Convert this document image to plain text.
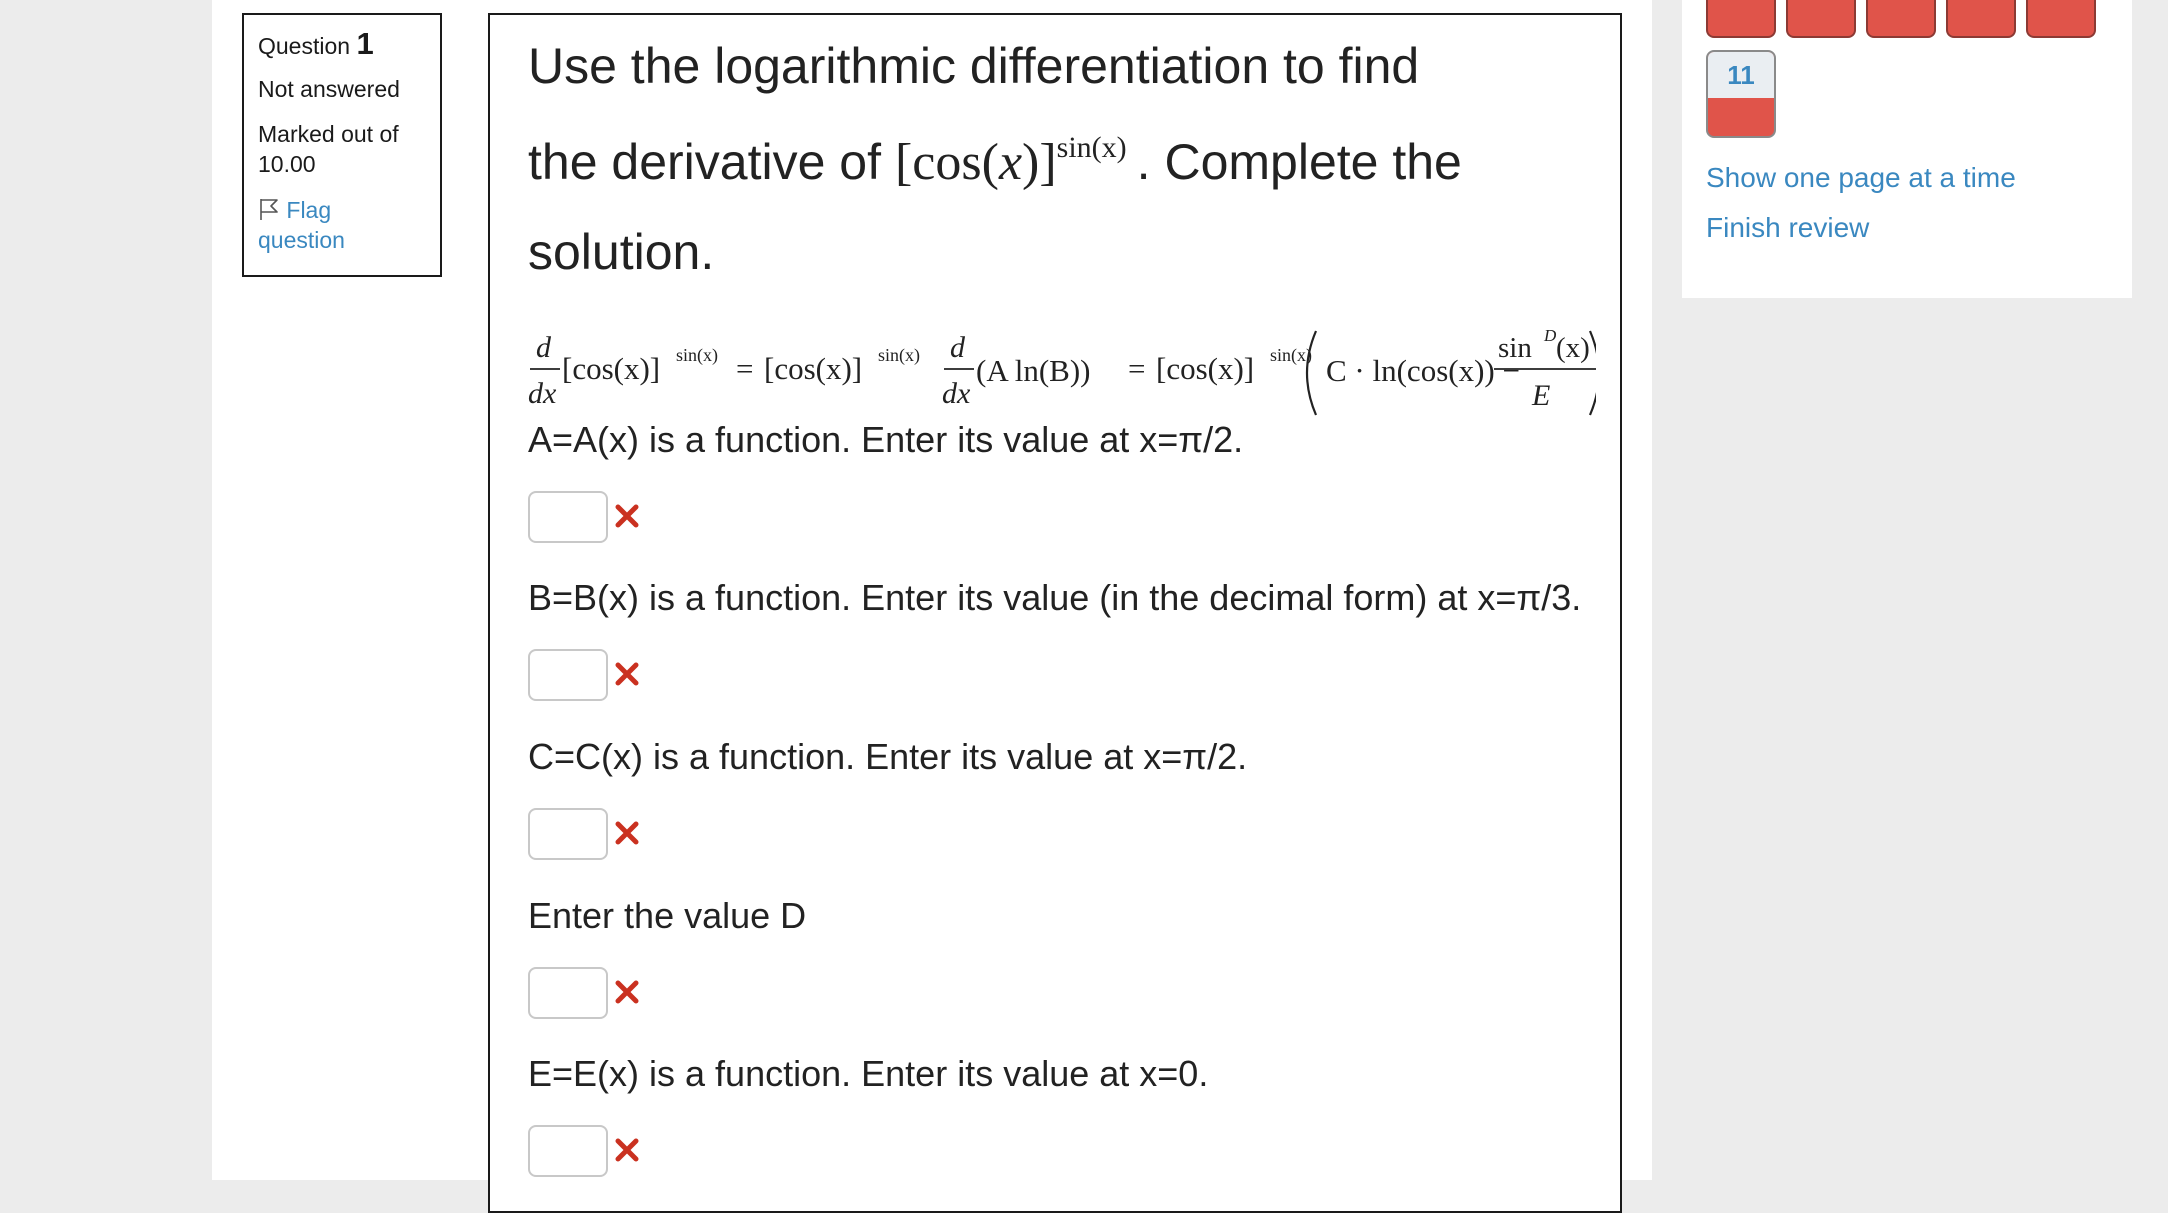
Question 1
Not answered
Marked out of
10.00
Flag
question
Use the logarithmic differentiation to find
the derivative of $[\cos(x)]^{sin(x)}$ . Complete the
solution.
d
dx
[cos(x)] sin(x) = [cos(x)] sin(x) d
dx
(A ln(B)) = [cos(x)] sin(x) C · ln(cos(x)) −
sin D (x)
E
A=A(x) is a function. Enter its value at x=π/2.
B=B(x) is a function. Enter its value (in the decimal form) at x=π/3.
C=C(x) is a function. Enter its value at x=π/2.
Enter the value D
E=E(x) is a function. Enter its value at x=0.
11
Show one page at a time
Finish review
